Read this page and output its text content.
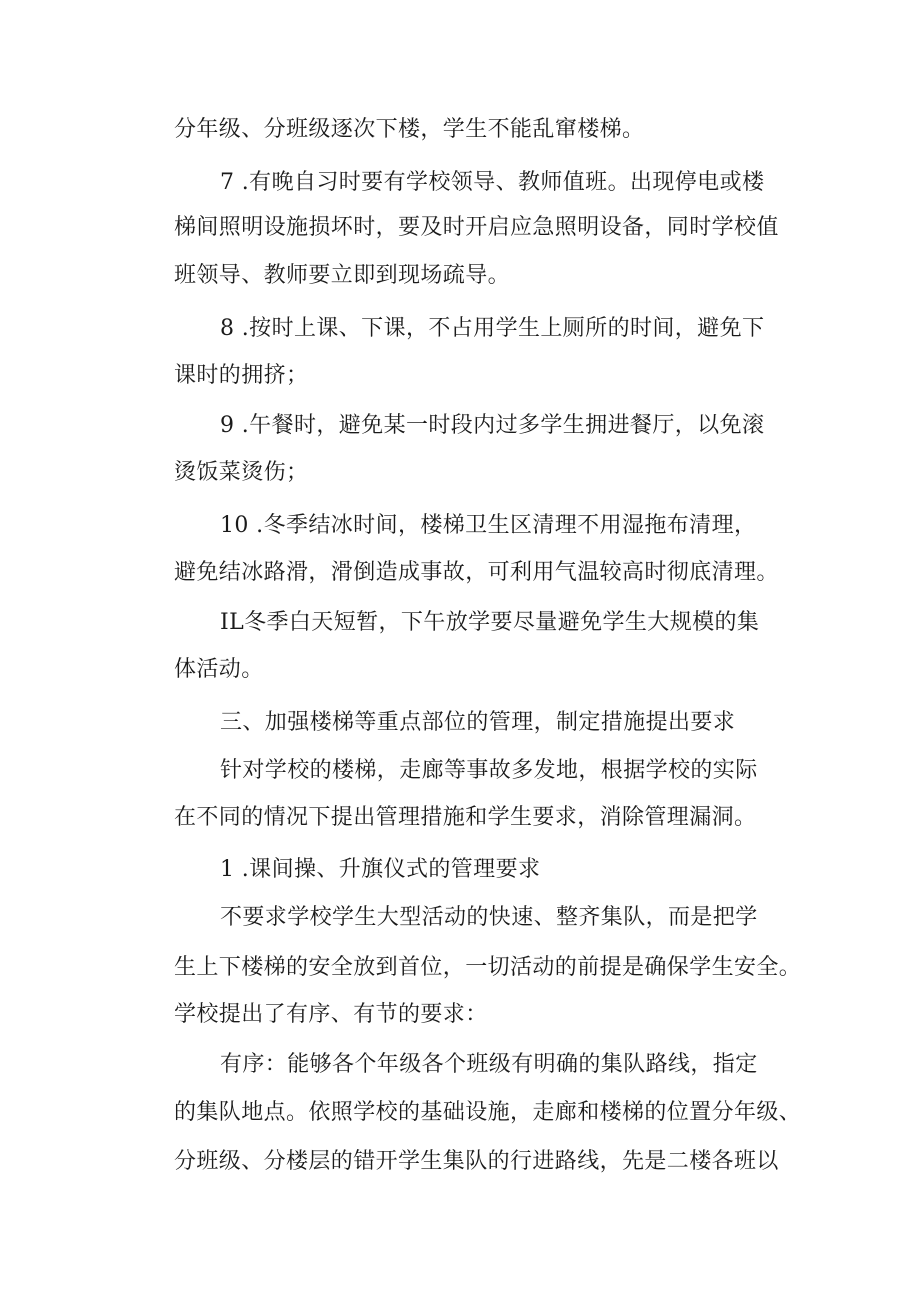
分年级、分班级逐次下楼，学生不能乱窜楼梯。
7 .有晚自习时要有学校领导、教师值班。出现停电或楼
梯间照明设施损坏时，要及时开启应急照明设备，同时学校值
班领导、教师要立即到现场疏导。
8 .按时上课、下课，不占用学生上厕所的时间，避免下
课时的拥挤；
9 .午餐时，避免某一时段内过多学生拥进餐厅，以免滚
烫饭菜烫伤；
10 .冬季结冰时间，楼梯卫生区清理不用湿拖布清理，
避免结冰路滑，滑倒造成事故，可利用气温较高时彻底清理。
IL冬季白天短暂，下午放学要尽量避免学生大规模的集
体活动。
三、加强楼梯等重点部位的管理，制定措施提出要求
针对学校的楼梯，走廊等事故多发地，根据学校的实际
在不同的情况下提出管理措施和学生要求，消除管理漏洞。
1 .课间操、升旗仪式的管理要求
不要求学校学生大型活动的快速、整齐集队，而是把学
生上下楼梯的安全放到首位，一切活动的前提是确保学生安全。
学校提出了有序、有节的要求：
有序：能够各个年级各个班级有明确的集队路线，指定
的集队地点。依照学校的基础设施，走廊和楼梯的位置分年级、
分班级、分楼层的错开学生集队的行进路线，先是二楼各班以
